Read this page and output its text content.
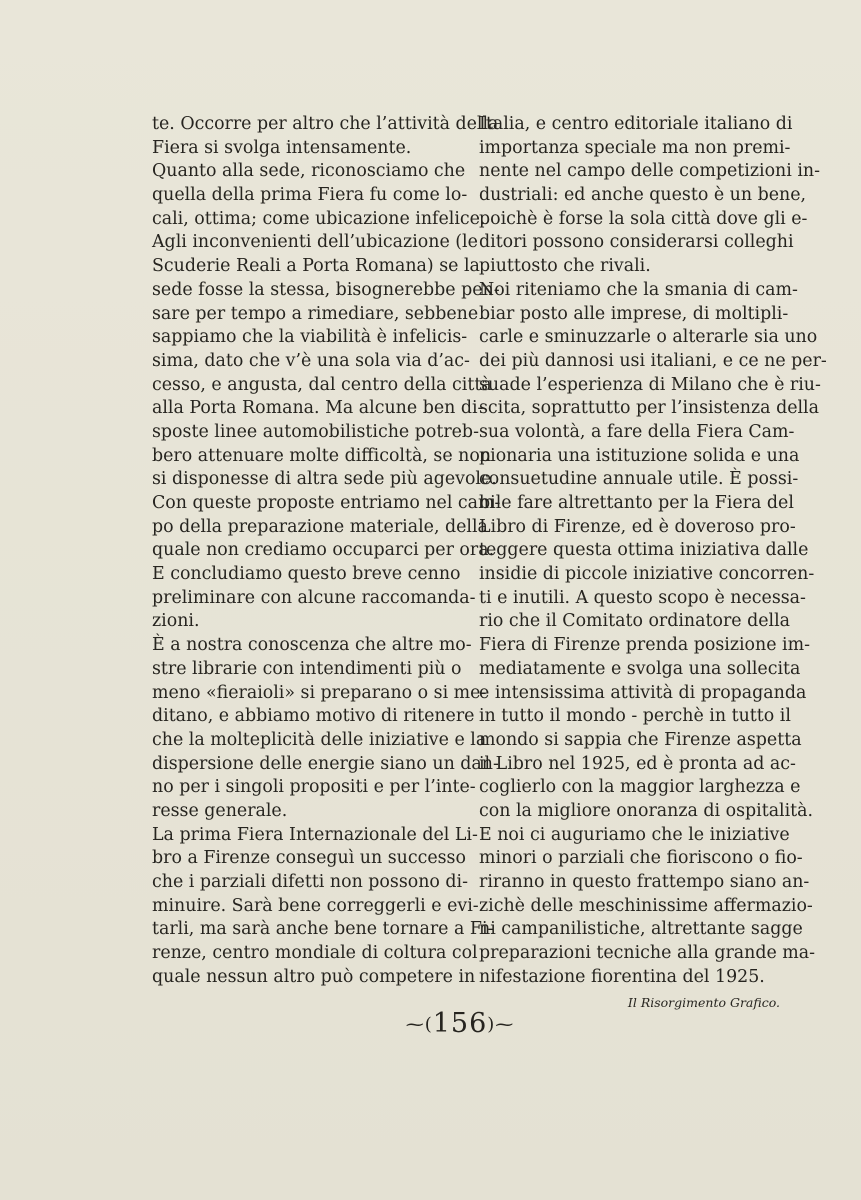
te. Occorre per altro che l’attività della
Fiera si svolga intensamente.
Quanto alla sede, riconosciamo che
quella della prima Fiera fu come lo-
cali, ottima; come ubicazione infelice.
Agli inconvenienti dell’ubicazione (le
Scuderie Reali a Porta Romana) se la
sede fosse la stessa, bisognerebbe pen-
sare per tempo a rimediare, sebbene
sappiamo che la viabilità è infelicis-
sima, dato che v’è una sola via d’ac-
cesso, e angusta, dal centro della città
alla Porta Romana. Ma alcune ben di-
sposte linee automobilistiche potreb-
bero attenuare molte difficoltà, se non
si disponesse di altra sede più agevole.
Con queste proposte entriamo nel cam-
po della preparazione materiale, della
quale non crediamo occuparci per ora.
E concludiamo questo breve cenno
preliminare con alcune raccomanda-
zioni.
È a nostra conoscenza che altre mo-
stre librarie con intendimenti più o
meno «fieraioli» si preparano o si me-
ditano, e abbiamo motivo di ritenere
che la molteplicità delle iniziative e la
dispersione delle energie siano un dan-
no per i singoli propositi e per l’inte-
resse generale.
La prima Fiera Internazionale del Li-
bro a Firenze conseguì un successo
che i parziali difetti non possono di-
minuire. Sarà bene correggerli e evi-
tarli, ma sarà anche bene tornare a Fi-
renze, centro mondiale di coltura col
quale nessun altro può competere in
Italia, e centro editoriale italiano di
importanza speciale ma non premi-
nente nel campo delle competizioni in-
dustriali: ed anche questo è un bene,
poichè è forse la sola città dove gli e-
ditori possono considerarsi colleghi
piuttosto che rivali.
Noi riteniamo che la smania di cam-
biar posto alle imprese, di moltipli-
carle e sminuzzarle o alterarle sia uno
dei più dannosi usi italiani, e ce ne per-
suade l’esperienza di Milano che è riu-
scita, soprattutto per l’insistenza della
sua volontà, a fare della Fiera Cam-
pionaria una istituzione solida e una
consuetudine annuale utile. È possi-
bile fare altrettanto per la Fiera del
Libro di Firenze, ed è doveroso pro-
teggere questa ottima iniziativa dalle
insidie di piccole iniziative concorren-
ti e inutili. A questo scopo è necessa-
rio che il Comitato ordinatore della
Fiera di Firenze prenda posizione im-
mediatamente e svolga una sollecita
e intensissima attività di propaganda
in tutto il mondo - perchè in tutto il
mondo si sappia che Firenze aspetta
il Libro nel 1925, ed è pronta ad ac-
coglierlo con la maggior larghezza e
con la migliore onoranza di ospitalità.
E noi ci auguriamo che le iniziative
minori o parziali che fioriscono o fio-
riranno in questo frattempo siano an-
zichè delle meschinissime affermazio-
ni campanilistiche, altrettante sagge
preparazioni tecniche alla grande ma-
nifestazione fiorentina del 1925.
Il Risorgimento Grafico.
⁓(156)⁓
